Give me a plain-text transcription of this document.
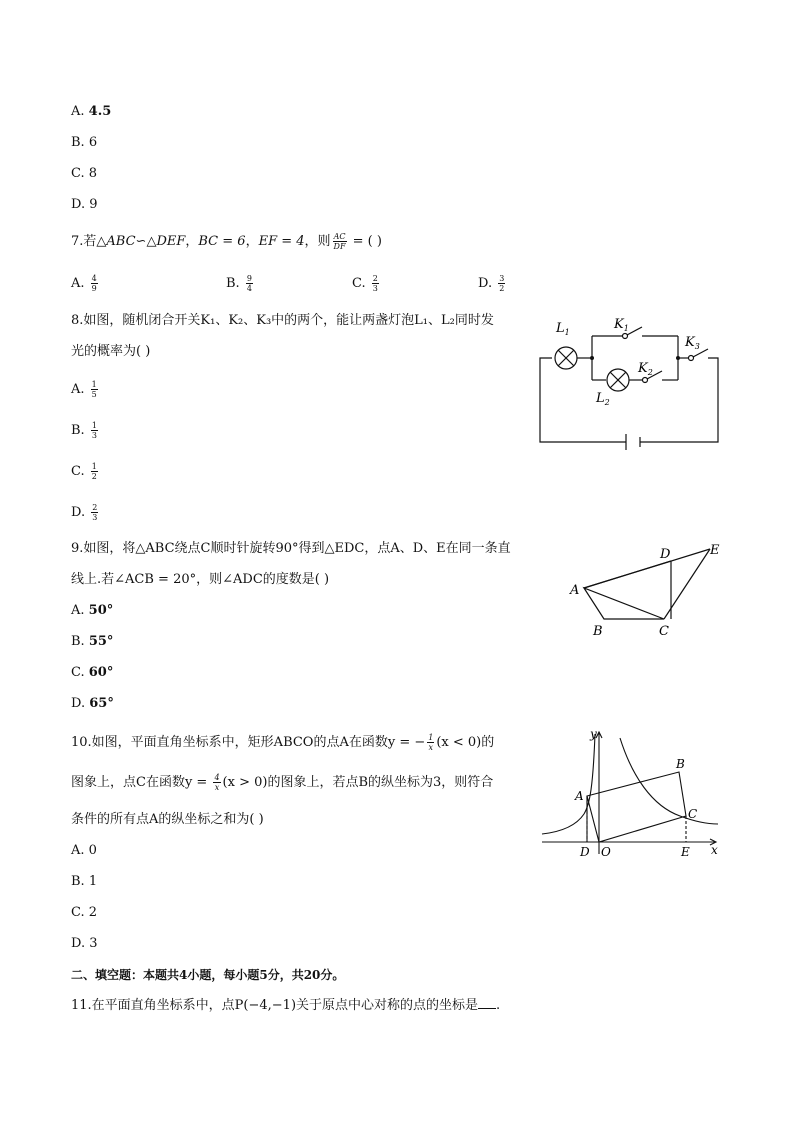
A. 4.5
B. 6
C. 8
D. 9
7.若△ABC∽△DEF，BC = 6，EF = 4，则 $\frac{AC}{DF}$ = ( )
A. $\frac{4}{9}$	B. $\frac{9}{4}$	C. $\frac{2}{3}$	D. $\frac{3}{2}$
8.如图，随机闭合开关K₁、K₂、K₃中的两个，能让两盏灯泡L₁、L₂同时发
光的概率为( )
A. $\frac{1}{5}$
B. $\frac{1}{3}$
C. $\frac{1}{2}$
D. $\frac{2}{3}$
$L_1$
$K_1$
$K_3$
$K_2$
$L_2$
9.如图，将△ABC绕点C顺时针旋转90°得到△EDC，点A、D、E在同一条直
线上.若∠ACB = 20°，则∠ADC的度数是( )
A. 50°
B. 55°
C. 60°
D. 65°
A
B	C
D	E
10.如图，平面直角坐标系中，矩形ABCO的点A在函数y = − $\frac{1}{x} (x < 0)$的
图象上，点C在函数$y = \frac{4}{x} (x > 0)$的图象上，若点B的纵坐标为3，则符合
条件的所有点A的纵坐标之和为( )
A. 0
B. 1
C. 2
D. 3
y
x
A
B
C
D O	E
二、填空题：本题共4小题，每小题5分，共20分。
11.在平面直角坐标系中，点P(−4,−1)关于原点中心对称的点的坐标是 .
